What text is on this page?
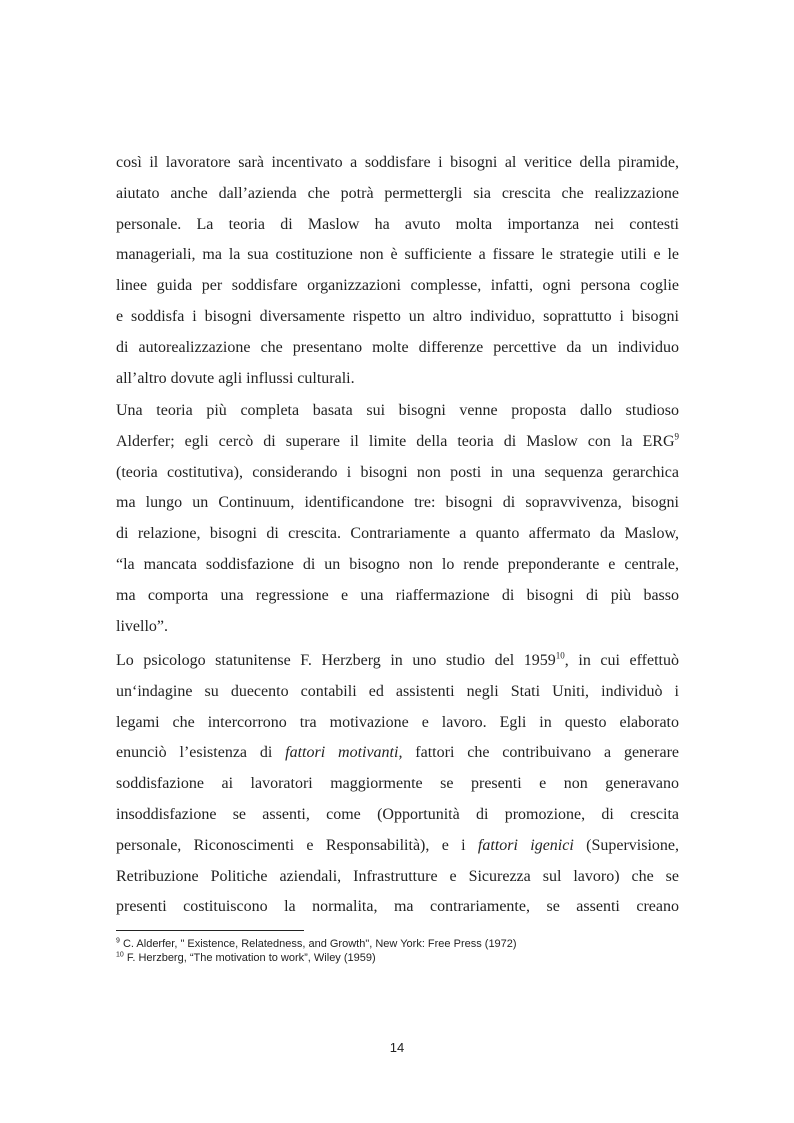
così il lavoratore sarà incentivato a soddisfare i bisogni al veritice della piramide,
aiutato anche dall’azienda che potrà permettergli sia crescita che realizzazione
personale. La teoria di Maslow ha avuto molta importanza nei contesti
manageriali, ma la sua costituzione non è sufficiente a fissare le strategie utili e le
linee guida per soddisfare organizzazioni complesse, infatti, ogni persona coglie
e soddisfa i bisogni diversamente rispetto un altro individuo, soprattutto i bisogni
di autorealizzazione che presentano molte differenze percettive da un individuo
all’altro dovute agli influssi culturali.
Una teoria più completa basata sui bisogni venne proposta dallo studioso
Alderfer; egli cercò di superare il limite della teoria di Maslow con la ERG$^9$
(teoria costitutiva), considerando i bisogni non posti in una sequenza gerarchica
ma lungo un Continuum, identificandone tre: bisogni di sopravvivenza, bisogni
di relazione, bisogni di crescita. Contrariamente a quanto affermato da Maslow,
“la mancata soddisfazione di un bisogno non lo rende preponderante e centrale,
ma comporta una regressione e una riaffermazione di bisogni di più basso
livello”.
Lo psicologo statunitense F. Herzberg in uno studio del 1959$^{10}$, in cui effettuò
un‘indagine su duecento contabili ed assistenti negli Stati Uniti, individuò i
legami che intercorrono tra motivazione e lavoro. Egli in questo elaborato
enunciò l’esistenza di fattori motivanti, fattori che contribuivano a generare
soddisfazione ai lavoratori maggiormente se presenti e non generavano
insoddisfazione se assenti, come (Opportunità di promozione, di crescita
personale, Riconoscimenti e Responsabilità), e i fattori igenici (Supervisione,
Retribuzione Politiche aziendali, Infrastrutture e Sicurezza sul lavoro) che se
presenti costituiscono la normalita, ma contrariamente, se assenti creano
$^9$ C. Alderfer, " Existence, Relatedness, and Growth", New York: Free Press (1972)
$^{10}$ F. Herzberg, “The motivation to work”, Wiley (1959)
14
